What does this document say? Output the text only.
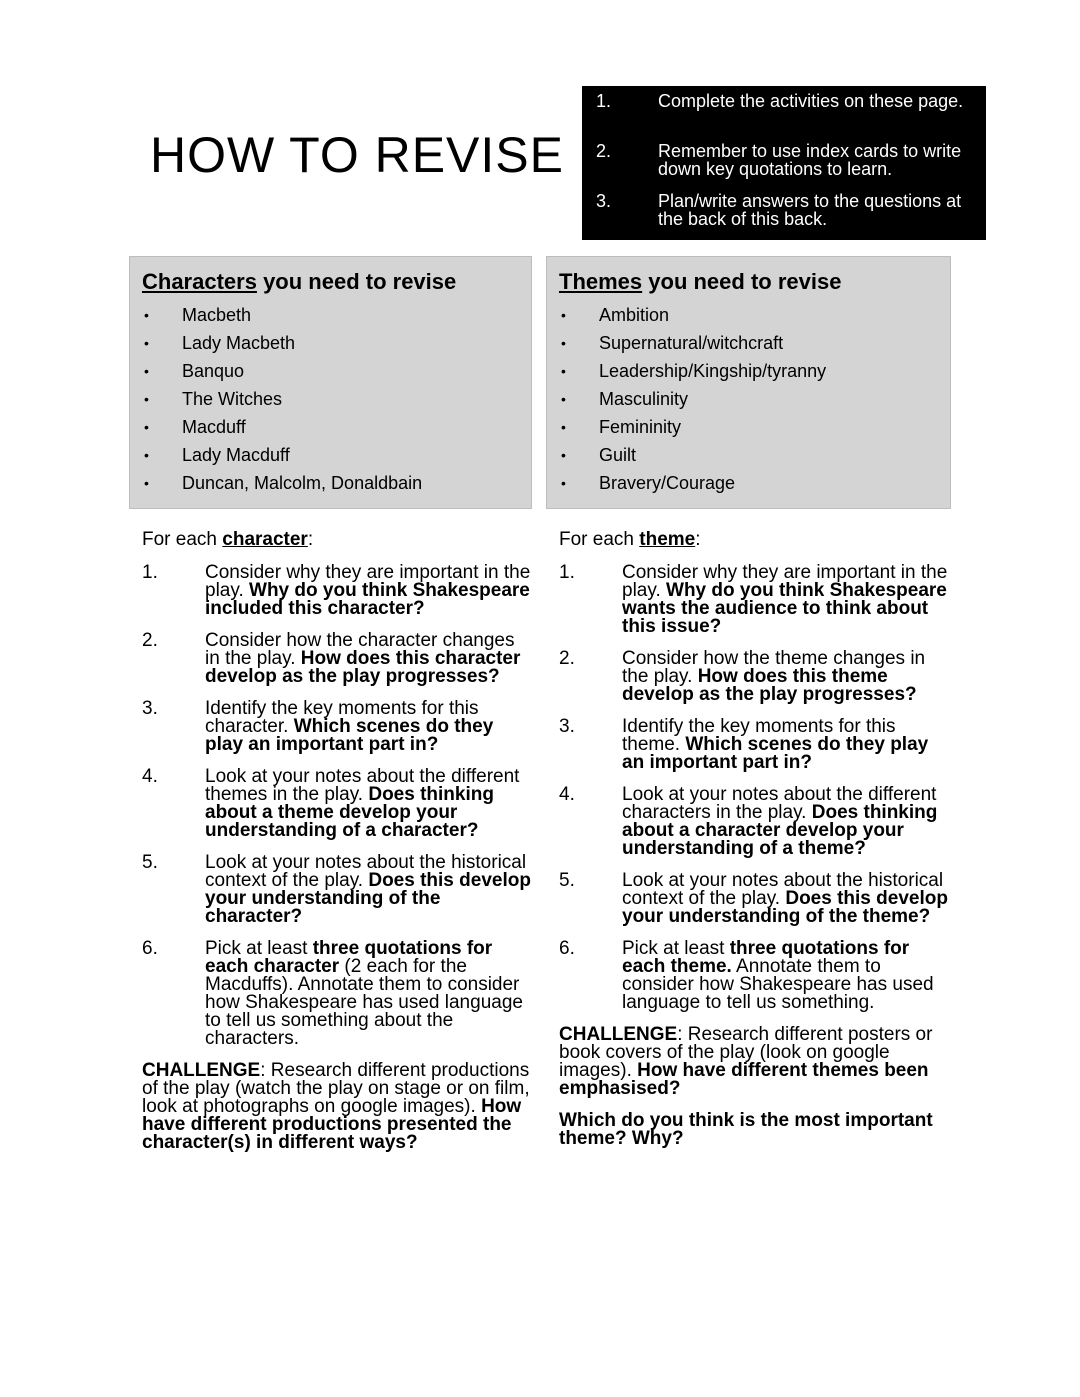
HOW TO REVISE
1.	Complete the activities on these page.
2.	Remember to use index cards to write down key quotations to learn.
3.	Plan/write answers to the questions at the back of this back.
Characters you need to revise
• Macbeth
• Lady Macbeth
• Banquo
• The Witches
• Macduff
• Lady Macduff
• Duncan, Malcolm, Donaldbain
Themes you need to revise
• Ambition
• Supernatural/witchcraft
• Leadership/Kingship/tyranny
• Masculinity
• Femininity
• Guilt
• Bravery/Courage

For each character:

1. Consider why they are important in the play. Why do you think Shakespeare included this character?
2. Consider how the character changes in the play. How does this character develop as the play progresses?
3. Identify the key moments for this character. Which scenes do they play an important part in?
4. Look at your notes about the different themes in the play. Does thinking about a theme develop your understanding of a character?
5. Look at your notes about the historical context of the play. Does this develop your understanding of the character?
6. Pick at least three quotations for each character (2 each for the Macduffs). Annotate them to consider how Shakespeare has used language to tell us something about the characters.

CHALLENGE: Research different productions of the play (watch the play on stage or on film, look at photographs on google images). How have different productions presented the character(s) in different ways?

For each theme:

1. Consider why they are important in the play. Why do you think Shakespeare wants the audience to think about this issue?
2. Consider how the theme changes in the play. How does this theme develop as the play progresses?
3. Identify the key moments for this theme. Which scenes do they play an important part in?
4. Look at your notes about the different characters in the play. Does thinking about a character develop your understanding of a theme?
5. Look at your notes about the historical context of the play. Does this develop your understanding of the theme?
6. Pick at least three quotations for each theme. Annotate them to consider how Shakespeare has used language to tell us something.

CHALLENGE: Research different posters or book covers of the play (look on google images). How have different themes been emphasised?

Which do you think is the most important theme? Why?
